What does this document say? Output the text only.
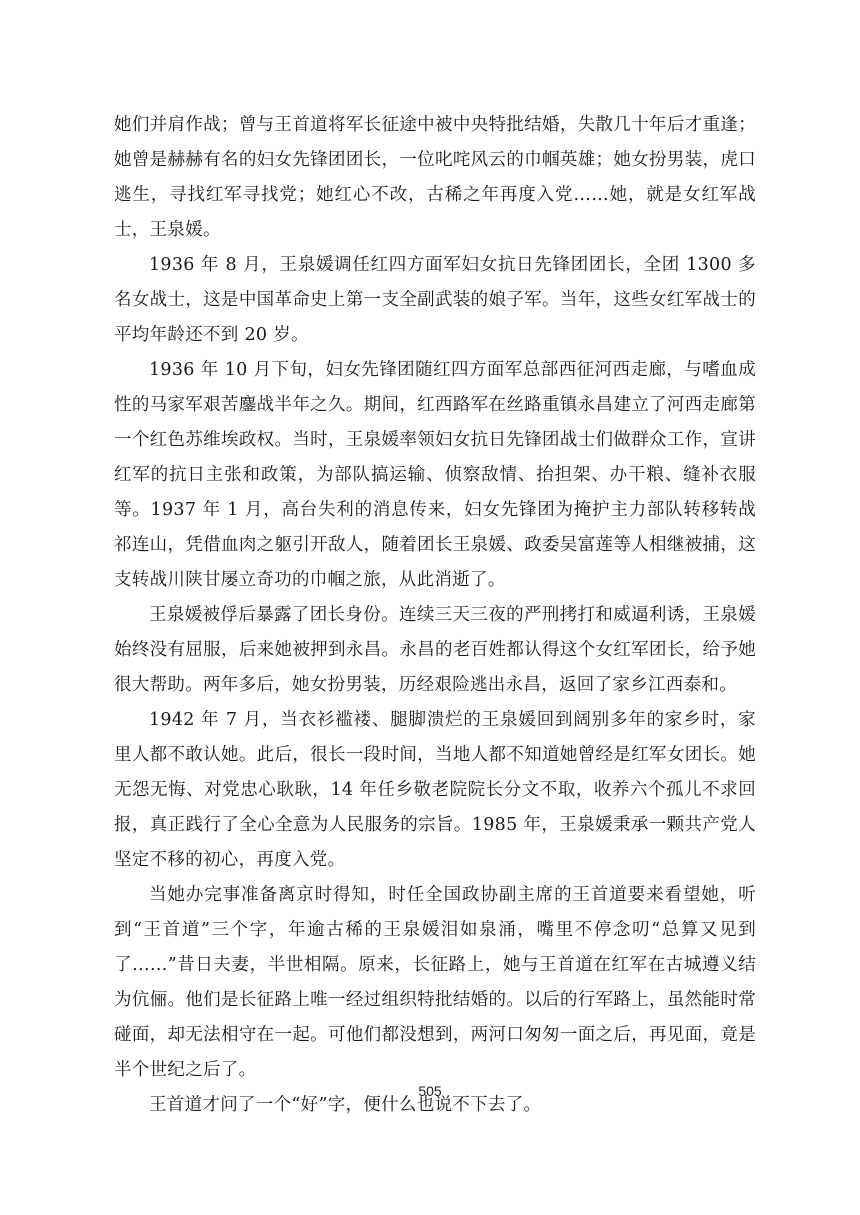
她们并肩作战；曾与王首道将军长征途中被中央特批结婚，失散几十年后才重逢；她曾是赫赫有名的妇女先锋团团长，一位叱咤风云的巾帼英雄；她女扮男装，虎口逃生，寻找红军寻找党；她红心不改，古稀之年再度入党……她，就是女红军战士，王泉媛。

1936 年 8 月，王泉媛调任红四方面军妇女抗日先锋团团长，全团 1300 多名女战士，这是中国革命史上第一支全副武装的娘子军。当年，这些女红军战士的平均年龄还不到 20 岁。

1936 年 10 月下旬，妇女先锋团随红四方面军总部西征河西走廊，与嗜血成性的马家军艰苦鏖战半年之久。期间，红西路军在丝路重镇永昌建立了河西走廊第一个红色苏维埃政权。当时，王泉媛率领妇女抗日先锋团战士们做群众工作，宣讲红军的抗日主张和政策，为部队搞运输、侦察敌情、抬担架、办干粮、缝补衣服等。1937 年 1 月，高台失利的消息传来，妇女先锋团为掩护主力部队转移转战祁连山，凭借血肉之躯引开敌人，随着团长王泉媛、政委吴富莲等人相继被捕，这支转战川陕甘屡立奇功的巾帼之旅，从此消逝了。

王泉媛被俘后暴露了团长身份。连续三天三夜的严刑拷打和威逼利诱，王泉媛始终没有屈服，后来她被押到永昌。永昌的老百姓都认得这个女红军团长，给予她很大帮助。两年多后，她女扮男装，历经艰险逃出永昌，返回了家乡江西泰和。

1942 年 7 月，当衣衫褴褛、腿脚溃烂的王泉媛回到阔别多年的家乡时，家里人都不敢认她。此后，很长一段时间，当地人都不知道她曾经是红军女团长。她无怨无悔、对党忠心耿耿，14 年任乡敬老院院长分文不取，收养六个孤儿不求回报，真正践行了全心全意为人民服务的宗旨。1985 年，王泉媛秉承一颗共产党人坚定不移的初心，再度入党。

当她办完事准备离京时得知，时任全国政协副主席的王首道要来看望她，听到“王首道”三个字，年逾古稀的王泉媛泪如泉涌，嘴里不停念叨“总算又见到了……”昔日夫妻，半世相隔。原来，长征路上，她与王首道在红军在古城遵义结为伉俪。他们是长征路上唯一经过组织特批结婚的。以后的行军路上，虽然能时常碰面，却无法相守在一起。可他们都没想到，两河口匆匆一面之后，再见面，竟是半个世纪之后了。

王首道才问了一个“好”字，便什么也说不下去了。

505
